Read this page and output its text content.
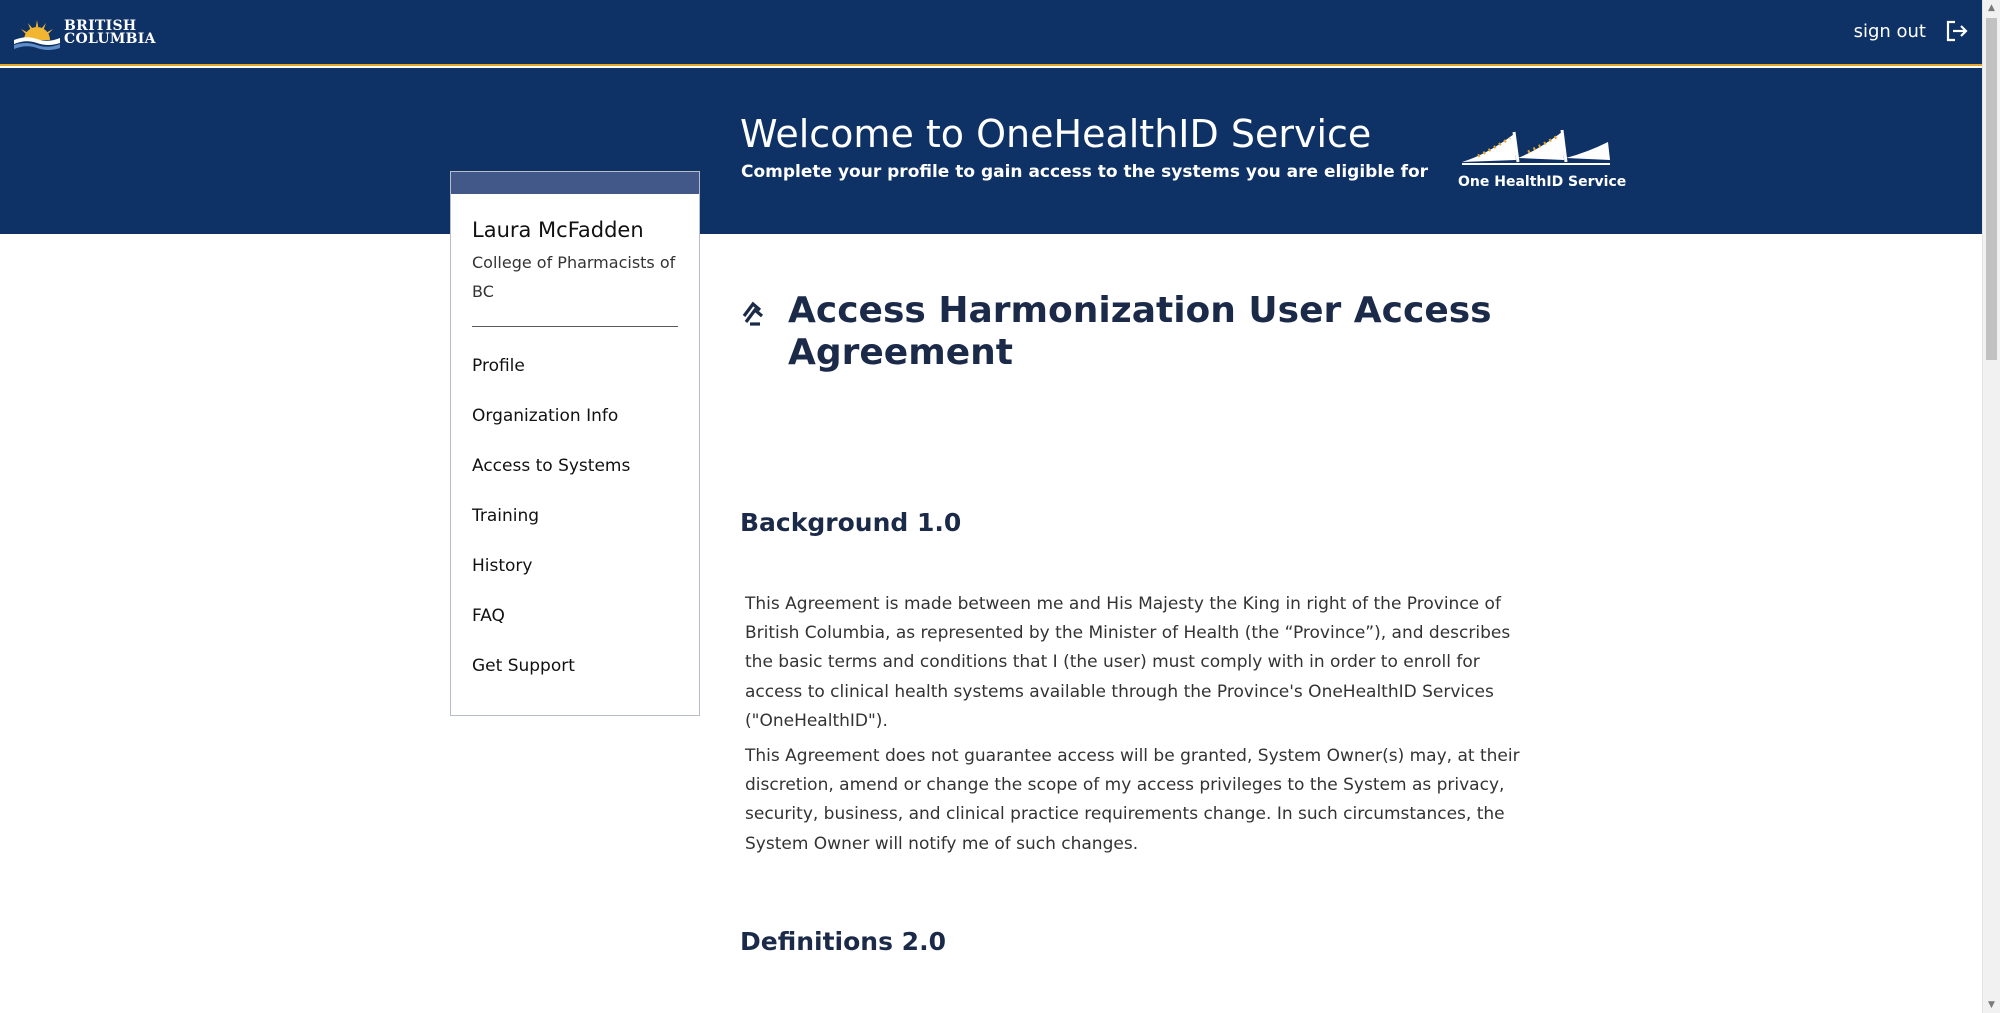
BRITISH
COLUMBIA	sign out
Welcome to OneHealthID Service

Complete your profile to gain access to the systems you are eligible for One HealthID Service

Laura McFadden

College of Pharmacists of BC

Profile
Organization Info
Access to Systems
Training
History
FAQ
Get Support
Access Harmonization User Access Agreement
Background 1.0

This Agreement is made between me and His Majesty the King in right of the Province of British Columbia, as represented by the Minister of Health (the “Province”), and describes the basic terms and conditions that I (the user) must comply with in order to enroll for access to clinical health systems available through the Province's OneHealthID Services ("OneHealthID").

This Agreement does not guarantee access will be granted, System Owner(s) may, at their discretion, amend or change the scope of my access privileges to the System as privacy, security, business, and clinical practice requirements change. In such circumstances, the System Owner will notify me of such changes.

Definitions 2.0
▲
▼
